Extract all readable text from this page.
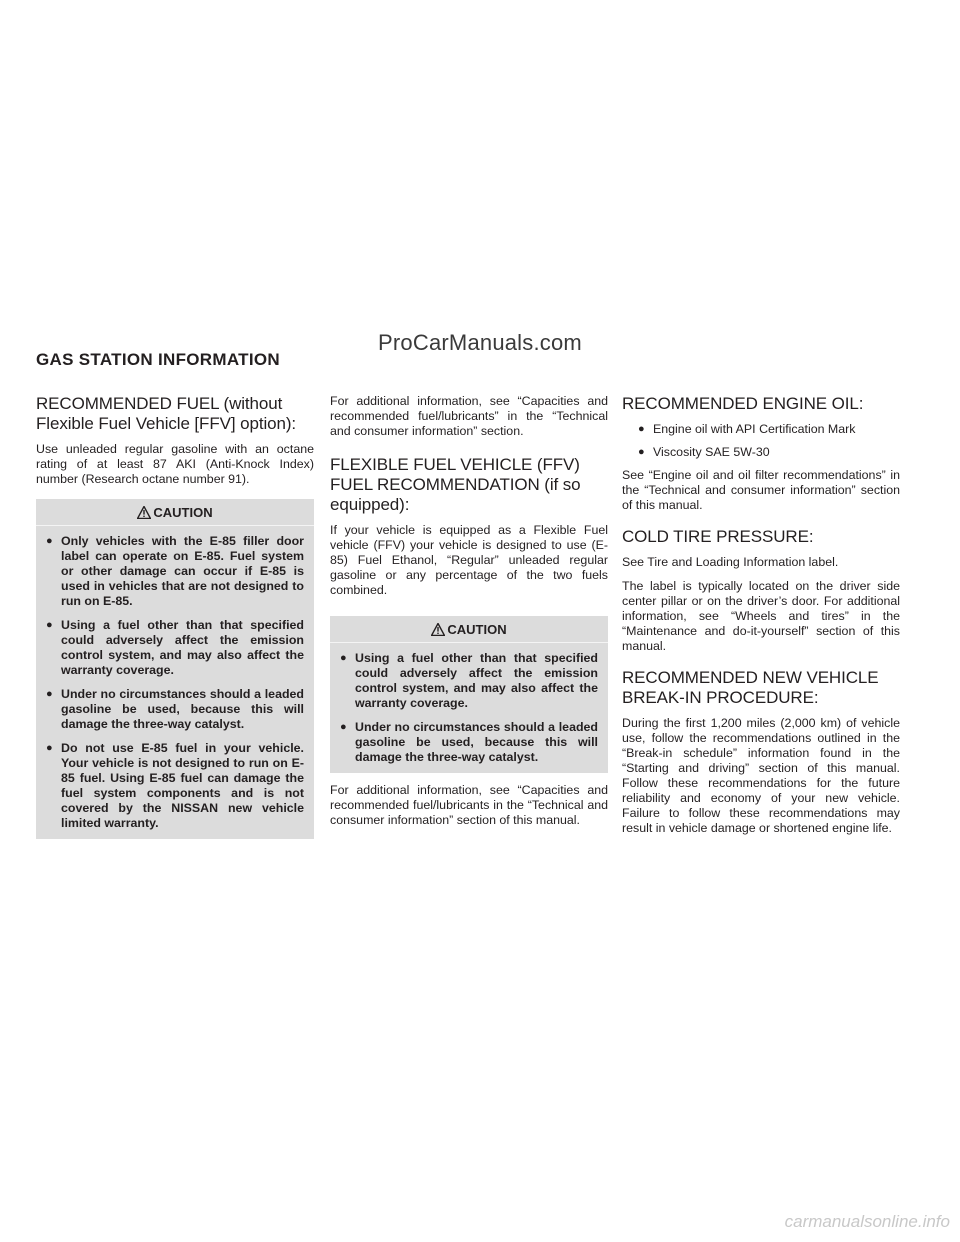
ProCarManuals.com
GAS STATION INFORMATION
RECOMMENDED FUEL (without Flexible Fuel Vehicle [FFV] option):

Use unleaded regular gasoline with an octane rating of at least 87 AKI (Anti-Knock Index) number (Research octane number 91).

CAUTION
● Only vehicles with the E-85 filler door label can operate on E-85. Fuel system or other damage can occur if E-85 is used in vehicles that are not designed to run on E-85.
● Using a fuel other than that specified could adversely affect the emission control system, and may also affect the warranty coverage.
● Under no circumstances should a leaded gasoline be used, because this will damage the three-way catalyst.
● Do not use E-85 fuel in your vehicle. Your vehicle is not designed to run on E-85 fuel. Using E-85 fuel can damage the fuel system components and is not covered by the NISSAN new vehicle limited warranty.

For additional information, see “Capacities and recommended fuel/lubricants” in the “Technical and consumer information” section.

FLEXIBLE FUEL VEHICLE (FFV) FUEL RECOMMENDATION (if so equipped):

If your vehicle is equipped as a Flexible Fuel vehicle (FFV) your vehicle is designed to use (E-85) Fuel Ethanol, “Regular” unleaded regular gasoline or any percentage of the two fuels combined.

CAUTION
● Using a fuel other than that specified could adversely affect the emission control system, and may also affect the warranty coverage.
● Under no circumstances should a leaded gasoline be used, because this will damage the three-way catalyst.

For additional information, see “Capacities and recommended fuel/lubricants in the “Technical and consumer information” section of this manual.

RECOMMENDED ENGINE OIL:
● Engine oil with API Certification Mark
● Viscosity SAE 5W-30

See “Engine oil and oil filter recommendations” in the “Technical and consumer information” section of this manual.

COLD TIRE PRESSURE:

See Tire and Loading Information label.

The label is typically located on the driver side center pillar or on the driver’s door. For additional information, see “Wheels and tires” in the “Maintenance and do-it-yourself” section of this manual.

RECOMMENDED NEW VEHICLE BREAK-IN PROCEDURE:

During the first 1,200 miles (2,000 km) of vehicle use, follow the recommendations outlined in the “Break-in schedule” information found in the “Starting and driving” section of this manual. Follow these recommendations for the future reliability and economy of your new vehicle. Failure to follow these recommendations may result in vehicle damage or shortened engine life.

carmanualsonline.info
